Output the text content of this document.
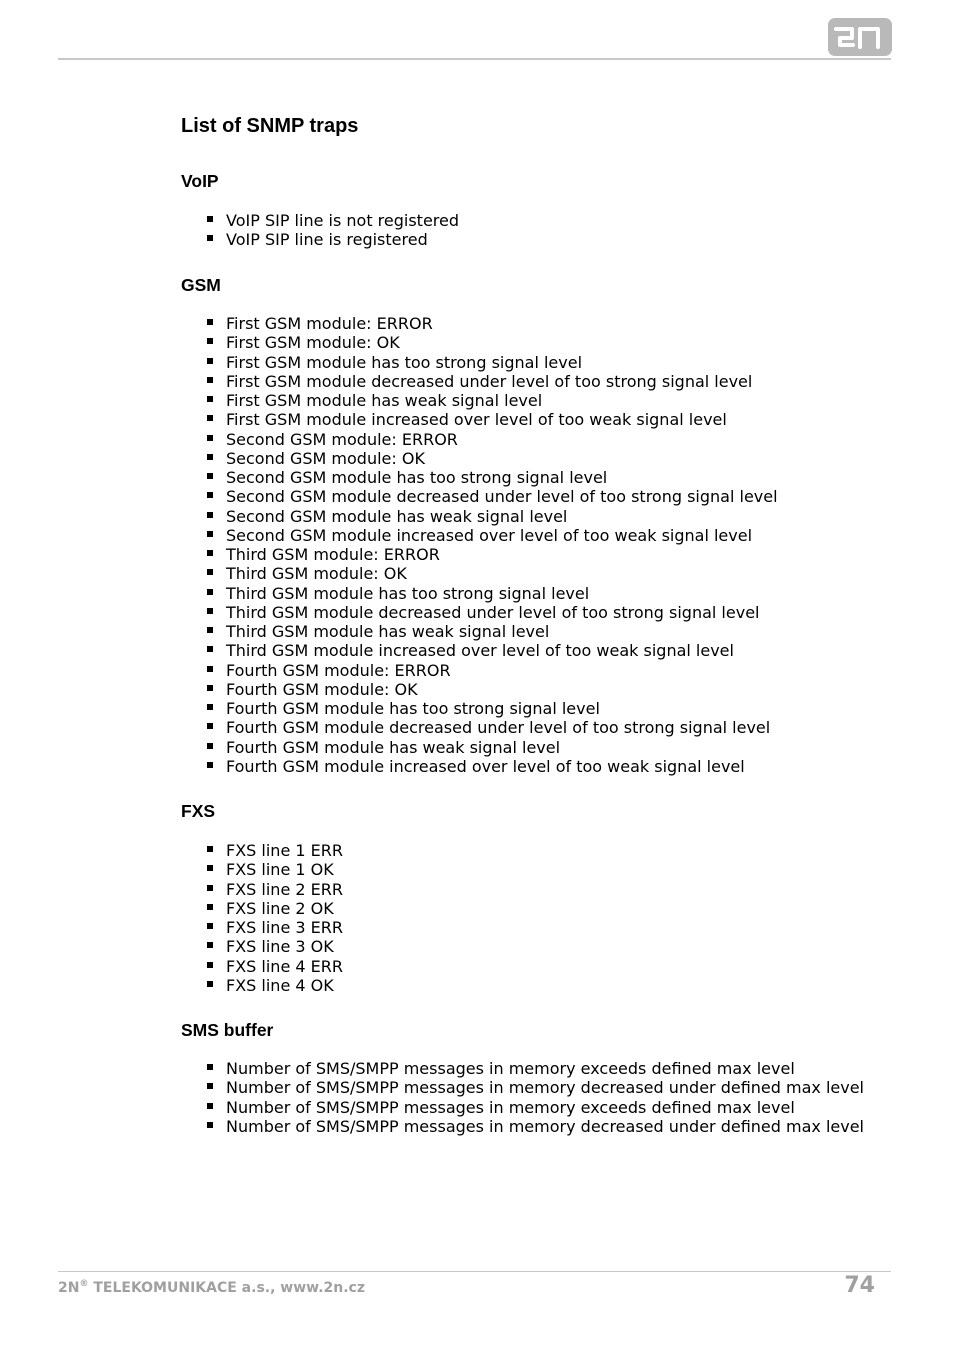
List of SNMP traps
VoIP
VoIP SIP line is not registered
VoIP SIP line is registered
GSM
First GSM module: ERROR
First GSM module: OK
First GSM module has too strong signal level
First GSM module decreased under level of too strong signal level
First GSM module has weak signal level
First GSM module increased over level of too weak signal level
Second GSM module: ERROR
Second GSM module: OK
Second GSM module has too strong signal level
Second GSM module decreased under level of too strong signal level
Second GSM module has weak signal level
Second GSM module increased over level of too weak signal level
Third GSM module: ERROR
Third GSM module: OK
Third GSM module has too strong signal level
Third GSM module decreased under level of too strong signal level
Third GSM module has weak signal level
Third GSM module increased over level of too weak signal level
Fourth GSM module: ERROR
Fourth GSM module: OK
Fourth GSM module has too strong signal level
Fourth GSM module decreased under level of too strong signal level
Fourth GSM module has weak signal level
Fourth GSM module increased over level of too weak signal level
FXS
FXS line 1 ERR
FXS line 1 OK
FXS line 2 ERR
FXS line 2 OK
FXS line 3 ERR
FXS line 3 OK
FXS line 4 ERR
FXS line 4 OK
SMS buffer
Number of SMS/SMPP messages in memory exceeds defined max level
Number of SMS/SMPP messages in memory decreased under defined max level
Number of SMS/SMPP messages in memory exceeds defined max level
Number of SMS/SMPP messages in memory decreased under defined max level
2N® TELEKOMUNIKACE a.s., www.2n.cz	74
